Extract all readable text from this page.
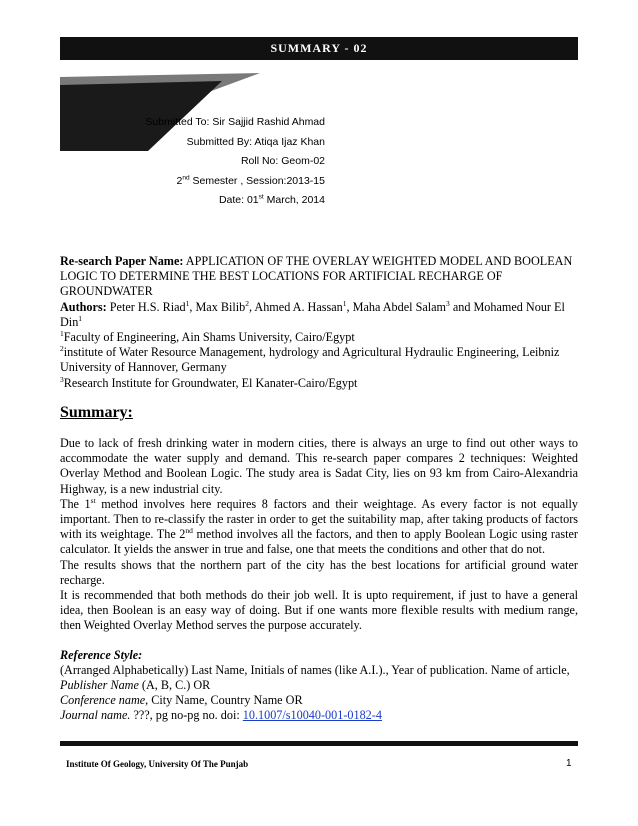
SUMMARY - 02
Submitted To: Sir Sajjid Rashid Ahmad
Submitted By: Atiqa Ijaz Khan
Roll No: Geom-02
2nd Semester , Session:2013-15
Date: 01st March, 2014

Re-search Paper Name: APPLICATION OF THE OVERLAY WEIGHTED MODEL AND BOOLEAN LOGIC TO DETERMINE THE BEST LOCATIONS FOR ARTIFICIAL RECHARGE OF GROUNDWATER

Authors: Peter H.S. Riad$^1$, Max Bilib$^2$, Ahmed A. Hassan$^1$, Maha Abdel Salam$^3$ and Mohamed Nour El Din$^1$

$^1$Faculty of Engineering, Ain Shams University, Cairo/Egypt

$^2$institute of Water Resource Management, hydrology and Agricultural Hydraulic Engineering, Leibniz University of Hannover, Germany

$^3$Research Institute for Groundwater, El Kanater-Cairo/Egypt

Summary:

Due to lack of fresh drinking water in modern cities, there is always an urge to find out other ways to accommodate the water supply and demand. This re-search paper compares 2 techniques: Weighted Overlay Method and Boolean Logic. The study area is Sadat City, lies on 93 km from Cairo-Alexandria Highway, is a new industrial city.

The 1st method involves here requires 8 factors and their weightage. As every factor is not equally important. Then to re-classify the raster in order to get the suitability map, after taking products of factors with its weightage. The 2nd method involves all the factors, and then to apply Boolean Logic using raster calculator. It yields the answer in true and false, one that meets the conditions and other that do not.

The results shows that the northern part of the city has the best locations for artificial ground water recharge.

It is recommended that both methods do their job well. It is upto requirement, if just to have a general idea, then Boolean is an easy way of doing. But if one wants more flexible results with medium range, then Weighted Overlay Method serves the purpose accurately.

Reference Style:

(Arranged Alphabetically) Last Name, Initials of names (like A.I.)., Year of publication. Name of article, Publisher Name (A, B, C.) OR

Conference name, City Name, Country Name OR

Journal name. ???, pg no-pg no. doi: 10.1007/s10040-001-0182-4

Institute Of Geology, University Of The Punjab	1
